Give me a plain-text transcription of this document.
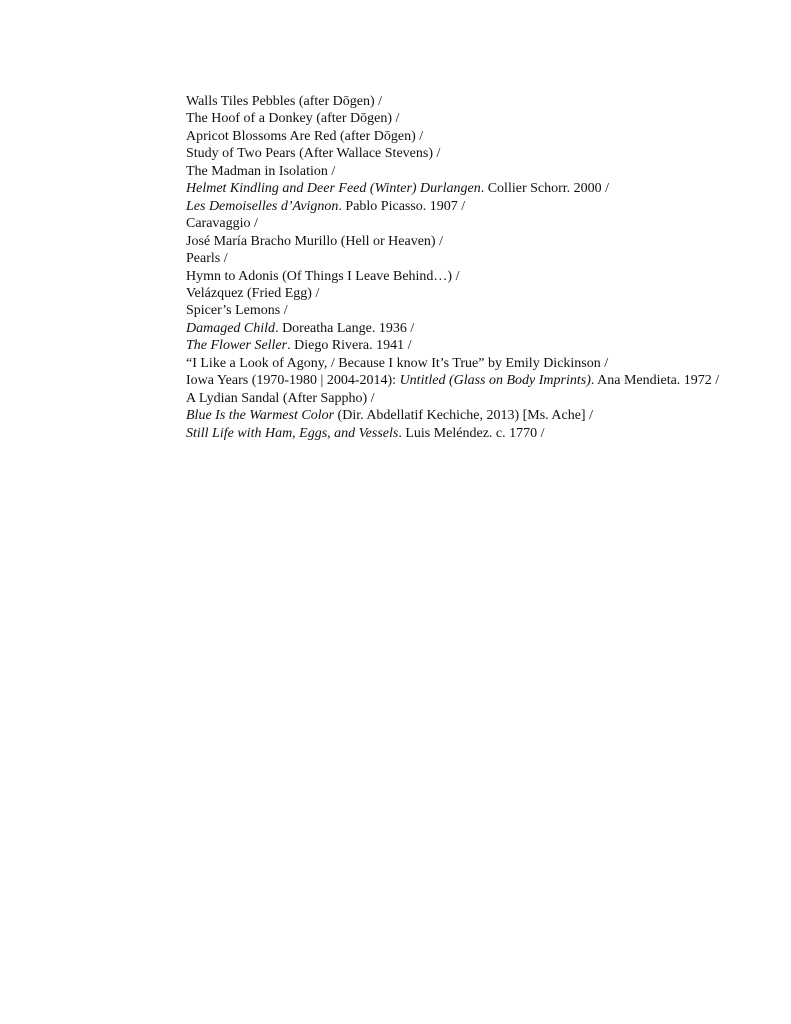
Walls Tiles Pebbles (after Dōgen) /
The Hoof of a Donkey (after Dōgen) /
Apricot Blossoms Are Red (after Dōgen) /
Study of Two Pears (After Wallace Stevens) /
The Madman in Isolation /
Helmet Kindling and Deer Feed (Winter) Durlangen. Collier Schorr. 2000 /
Les Demoiselles d’Avignon. Pablo Picasso. 1907 /
Caravaggio /
José María Bracho Murillo (Hell or Heaven) /
Pearls /
Hymn to Adonis (Of Things I Leave Behind…) /
Velázquez (Fried Egg) /
Spicer’s Lemons /
Damaged Child. Doreatha Lange. 1936 /
The Flower Seller. Diego Rivera. 1941 /
“I Like a Look of Agony, / Because I know It’s True” by Emily Dickinson /
Iowa Years (1970-1980 | 2004-2014): Untitled (Glass on Body Imprints). Ana Mendieta. 1972 /
A Lydian Sandal (After Sappho) /
Blue Is the Warmest Color (Dir. Abdellatif Kechiche, 2013) [Ms. Ache] /
Still Life with Ham, Eggs, and Vessels. Luis Meléndez. c. 1770 /
